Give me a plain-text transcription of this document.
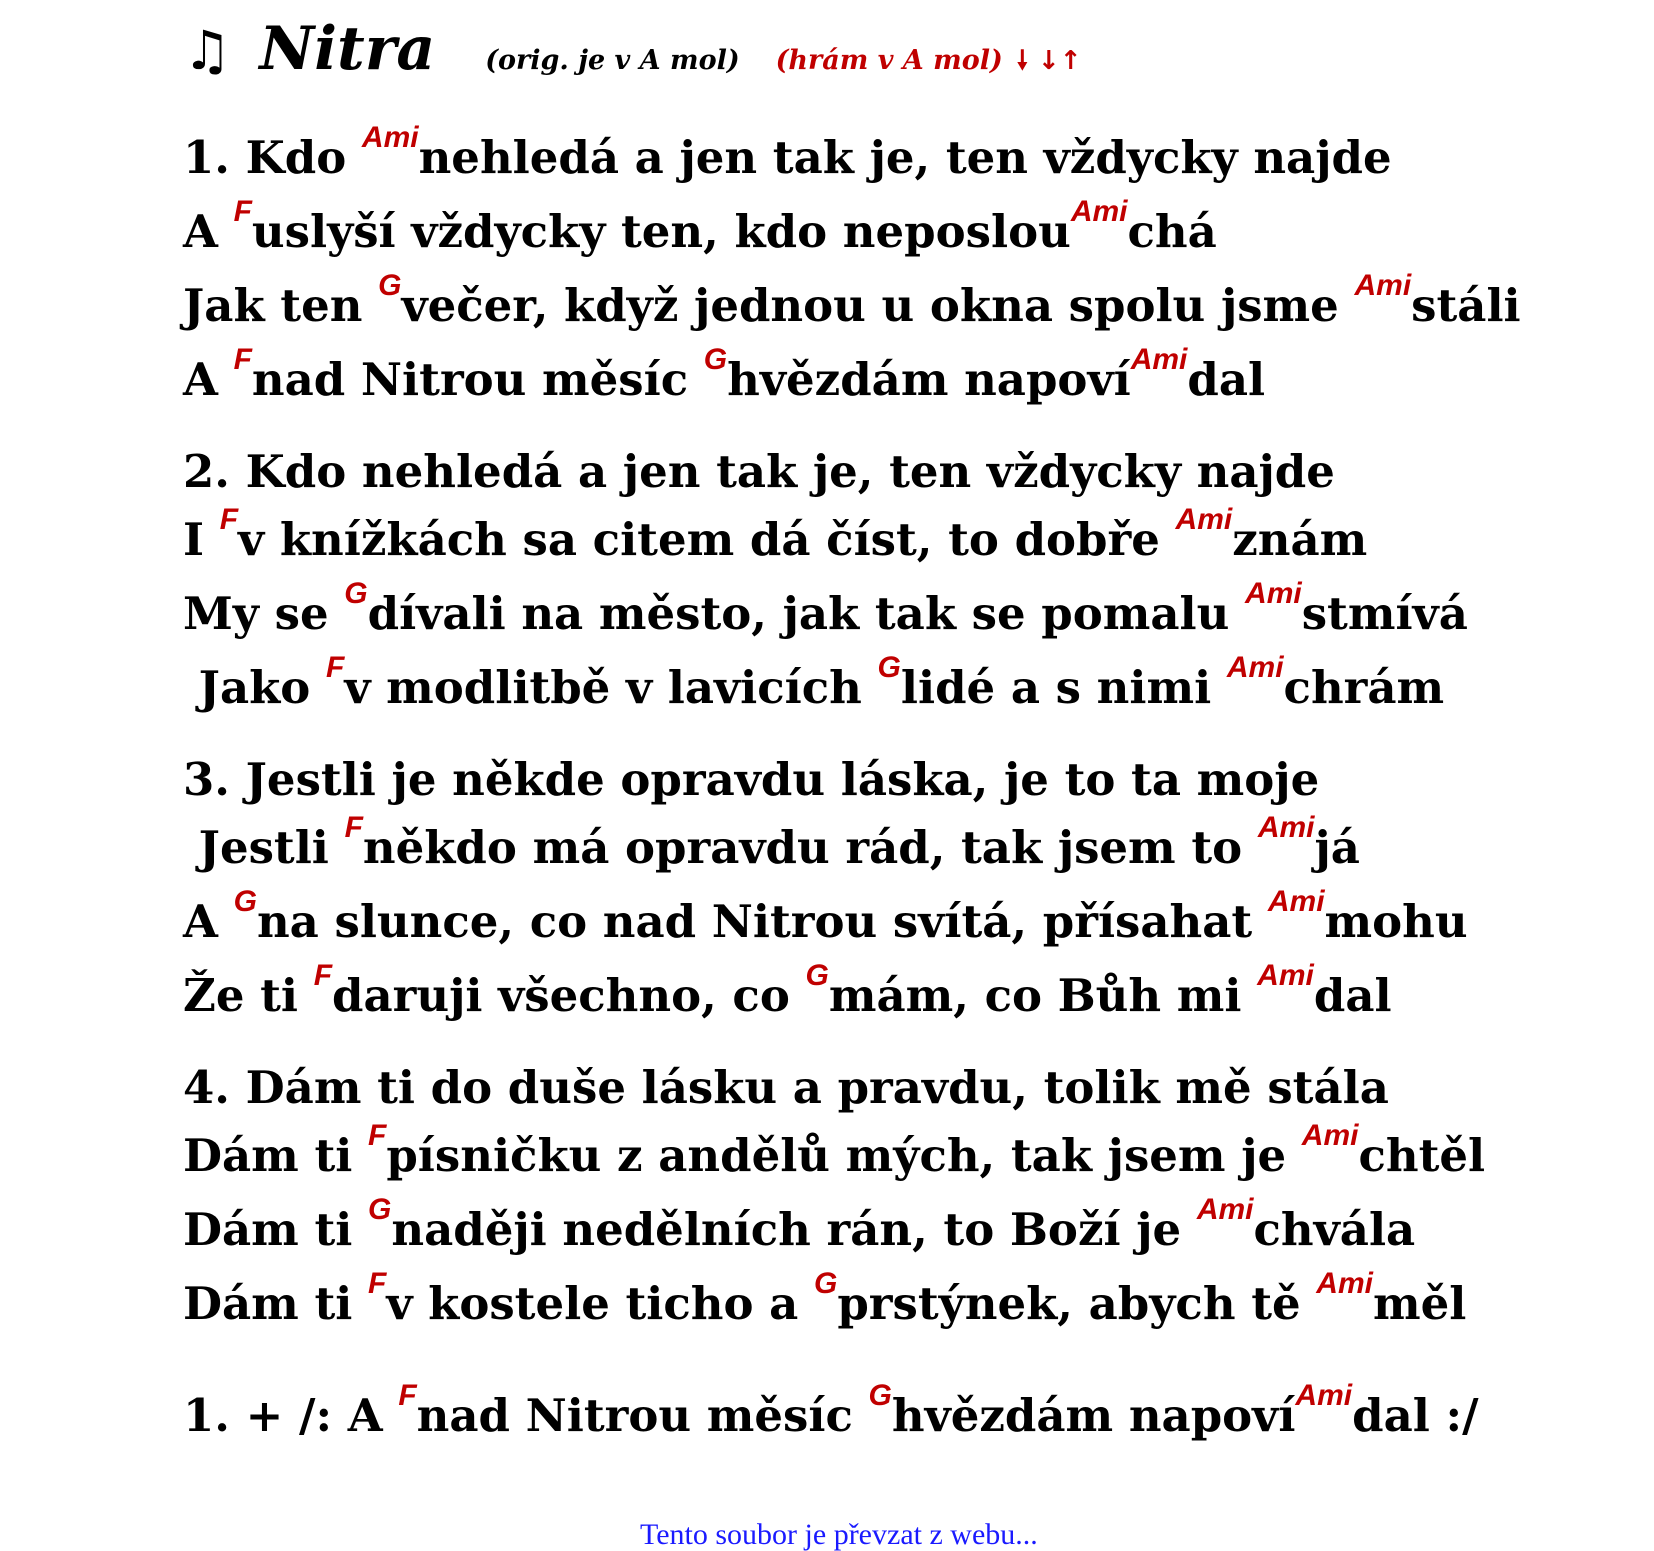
♫ Nitra (orig. je v A mol) (hrám v A mol) 🠗 ↓↑
1. Kdo $^{Ami}$nehledá a jen tak je, ten vždycky najde
A $^F$uslyší vždycky ten, kdo neposlou$^{Ami}$chá
Jak ten $^G$večer, když jednou u okna spolu jsme $^{Ami}$stáli
A $^F$nad Nitrou měsíc $^G$hvězdám napoví$^{Ami}$dal
2. Kdo nehledá a jen tak je, ten vždycky najde
I $^F$v knížkách sa citem dá číst, to dobře $^{Ami}$znám
My se $^G$dívali na město, jak tak se pomalu $^{Ami}$stmívá
Jako $^F$v modlitbě v lavicích $^G$lidé a s nimi $^{Ami}$chrám
3. Jestli je někde opravdu láska, je to ta moje
Jestli $^F$někdo má opravdu rád, tak jsem to $^{Ami}$já
A $^G$na slunce, co nad Nitrou svítá, přísahat $^{Ami}$mohu
Že ti $^F$daruji všechno, co $^G$mám, co Bůh mi $^{Ami}$dal
4. Dám ti do duše lásku a pravdu, tolik mě stála
Dám ti $^F$písničku z andělů mých, tak jsem je $^{Ami}$chtěl
Dám ti $^G$naději nedělních rán, to Boží je $^{Ami}$chvála
Dám ti $^F$v kostele ticho a $^G$prstýnek, abych tě $^{Ami}$měl
1. + /: A $^F$nad Nitrou měsíc $^G$hvězdám napoví$^{Ami}$dal :/
Tento soubor je převzat z webu...
